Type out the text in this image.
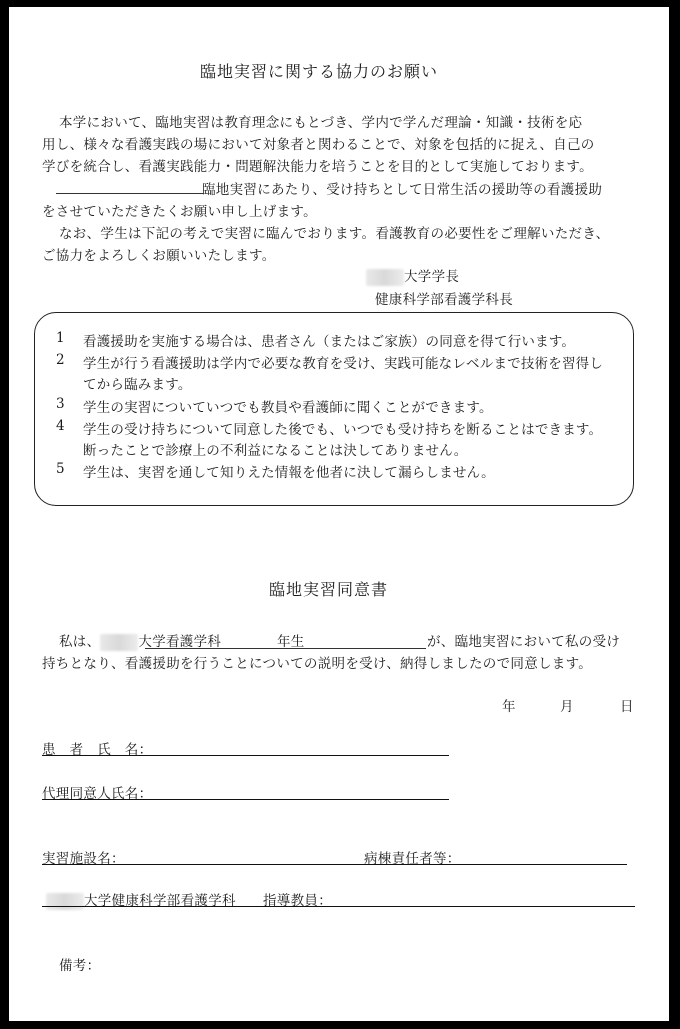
臨地実習に関する協力のお願い
本学において、臨地実習は教育理念にもとづき、学内で学んだ理論・知識・技術を応
用し、様々な看護実践の場において対象者と関わることで、対象を包括的に捉え、自己の
学びを統合し、看護実践能力・問題解決能力を培うことを目的として実施しております。
臨地実習にあたり、受け持ちとして日常生活の援助等の看護援助
をさせていただきたくお願い申し上げます。
なお、学生は下記の考えで実習に臨んでおります。看護教育の必要性をご理解いただき、
ご協力をよろしくお願いいたします。
大学学長
健康科学部看護学科長
1 看護援助を実施する場合は、患者さん（またはご家族）の同意を得て行います。
2 学生が行う看護援助は学内で必要な教育を受け、実践可能なレベルまで技術を習得し
てから臨みます。
3 学生の実習についていつでも教員や看護師に聞くことができます。
4 学生の受け持ちについて同意した後でも、いつでも受け持ちを断ることはできます。
断ったことで診療上の不利益になることは決してありません。
5 学生は、実習を通して知りえた情報を他者に決して漏らしません。
臨地実習同意書
私は、	大学看護学科	年生	が、臨地実習において私の受け
持ちとなり、看護援助を行うことについての説明を受け、納得しましたので同意します。
年	月	日
患　者　氏　名：
代理同意人氏名：
実習施設名：	病棟責任者等：
大学健康科学部看護学科 指導教員：
備考：
